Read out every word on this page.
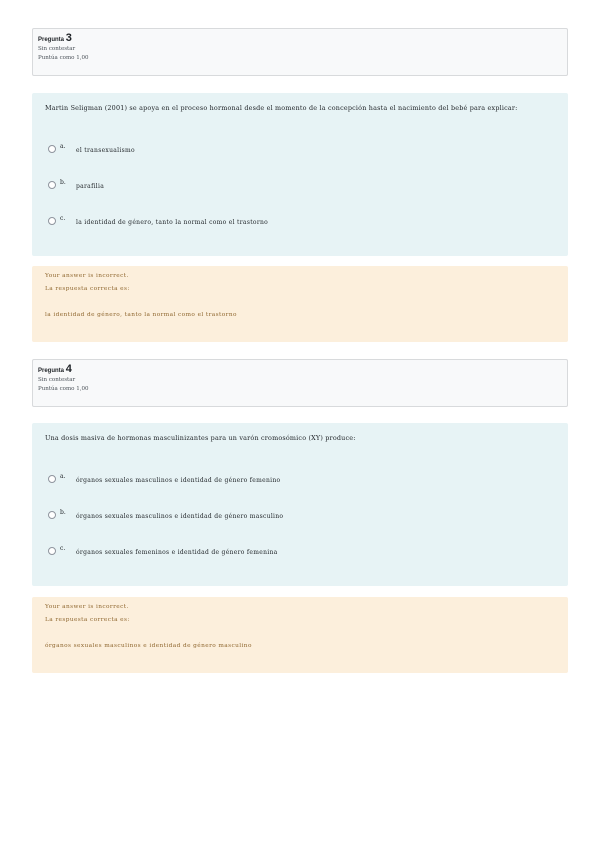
Pregunta 3
Sin contestar
Puntúa como 1,00
Martin Seligman (2001) se apoya en el proceso hormonal desde el momento de la concepción hasta el nacimiento del bebé para explicar:
a.
el transexualismo
b.
parafilia
c.
la identidad de género, tanto la normal como el trastorno
Your answer is incorrect.
La respuesta correcta es:
la identidad de género, tanto la normal como el trastorno
Pregunta 4
Sin contestar
Puntúa como 1,00
Una dosis masiva de hormonas masculinizantes para un varón cromosómico (XY) produce:
a.
órganos sexuales masculinos e identidad de género femenino
b.
órganos sexuales masculinos e identidad de género masculino
c.
órganos sexuales femeninos e identidad de género femenina
Your answer is incorrect.
La respuesta correcta es:
órganos sexuales masculinos e identidad de género masculino
